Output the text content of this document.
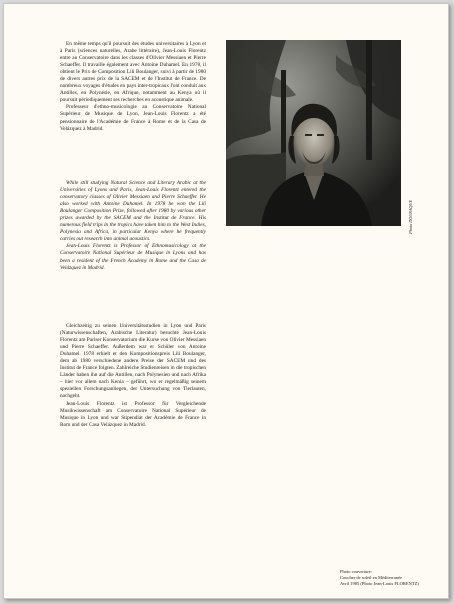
En même temps qu'il poursuit des études universitaires à Lyon et à Paris (sciences naturelles, Arabe littéraire), Jean-Louis Florentz entre au Conservatoire dans les classes d'Olivier Messiaen et Pierre Schaeffer. Il travaille également avec Antoine Duhamel. En 1978, il obtient le Prix de Composition Lili Boulanger, suivi à partir de 1980 de divers autres prix de la SACEM et de l'Institut de France. De nombreux voyages d'études en pays inter-tropicaux l'ont conduit aux Antilles, en Polynésie, en Afrique, notamment au Kenya où il poursuit périodiquement ses recherches en acoustique animale.

Professeur d'ethno-musicologie au Conservatoire National Supérieur de Musique de Lyon, Jean-Louis Florentz a été pensionnaire de l'Académie de France à Rome et de la Casa de Velázquez à Madrid.

While still studying Natural Science and Literary Arabic at the Universities of Lyons and Paris, Jean-Louis Florentz entered the conservatory classes of Olivier Messiaen and Pierre Schaeffer. He also worked with Antoine Duhamel. In 1978 he won the Lili Boulanger Composition Prize, followed after 1980 by various other prizes awarded by the SACEM and the Institut de France. His numerous field trips in the tropics have taken him to the West Indies, Polynesia and Africa, in particular Kenya where he frequently carries out research into animal acoustics.

Jean-Louis Florentz is Professor of Ethnomusicology at the Conservatoire National Supérieur de Musique in Lyons and has been a resident of the French Academy in Rome and the Casa de Velázquez in Madrid.

Gleichzeitig zu seinen Universitätsstudien in Lyon und Paris (Naturwissenschaften, Arabische Literatur) besuchte Jean-Louis Florentz am Pariser Konservatorium die Kurse von Olivier Messiaen und Pierre Schaeffer. Außerdem war er Schüler von Antoine Duhamel. 1978 erhielt er den Kompositionspreis Lili Boulanger, dem ab 1980 verschiedene andere Preise der SACEM und des Institut de France folgten. Zahlreiche Studienreisen in die tropischen Länder haben ihn auf die Antillen, nach Polynesien und nach Afrika – hier vor allem nach Kenia – geführt, wo er regelmäßig seinem speziellen Forschungsanliegen, der Untersuchung von Tierlauten, nachgeht.

Jean-Louis Florentz ist Professor für Vergleichende Musikwissenschaft am Conservatoire National Supérieur de Musique in Lyon und war Stipendiat der Académie de France in Rom und der Casa Velázquez in Madrid.

Photo DOURAQUE
Photo couverture:
Coucher de soleil en Méditerranée
Avril 1985 (Photo Jean-Louis FLORENTZ)
